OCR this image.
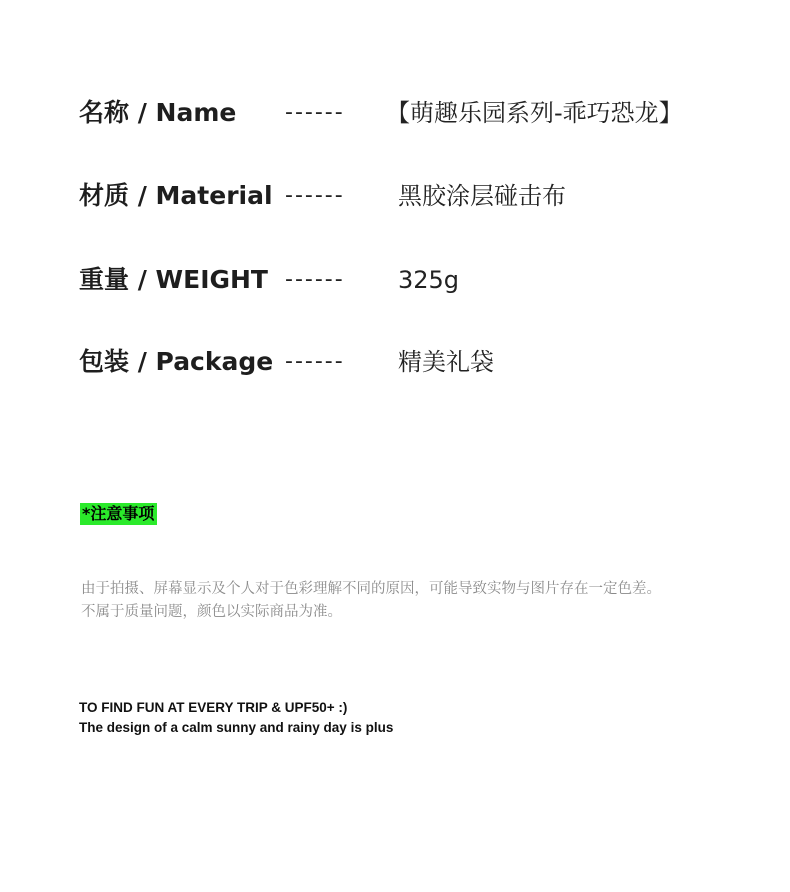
名称 / Name ------ 【萌趣乐园系列-乖巧恐龙】
材质 / Material ------ 黑胶涂层碰击布
重量 / WEIGHT ------ 325g
包装 / Package ------ 精美礼袋
*注意事项

由于拍摄、屏幕显示及个人对于色彩理解不同的原因，可能导致实物与图片存在一定色差。

不属于质量问题，颜色以实际商品为准。

TO FIND FUN AT EVERY TRIP & UPF50+ :)

The design of a calm sunny and rainy day is plus
